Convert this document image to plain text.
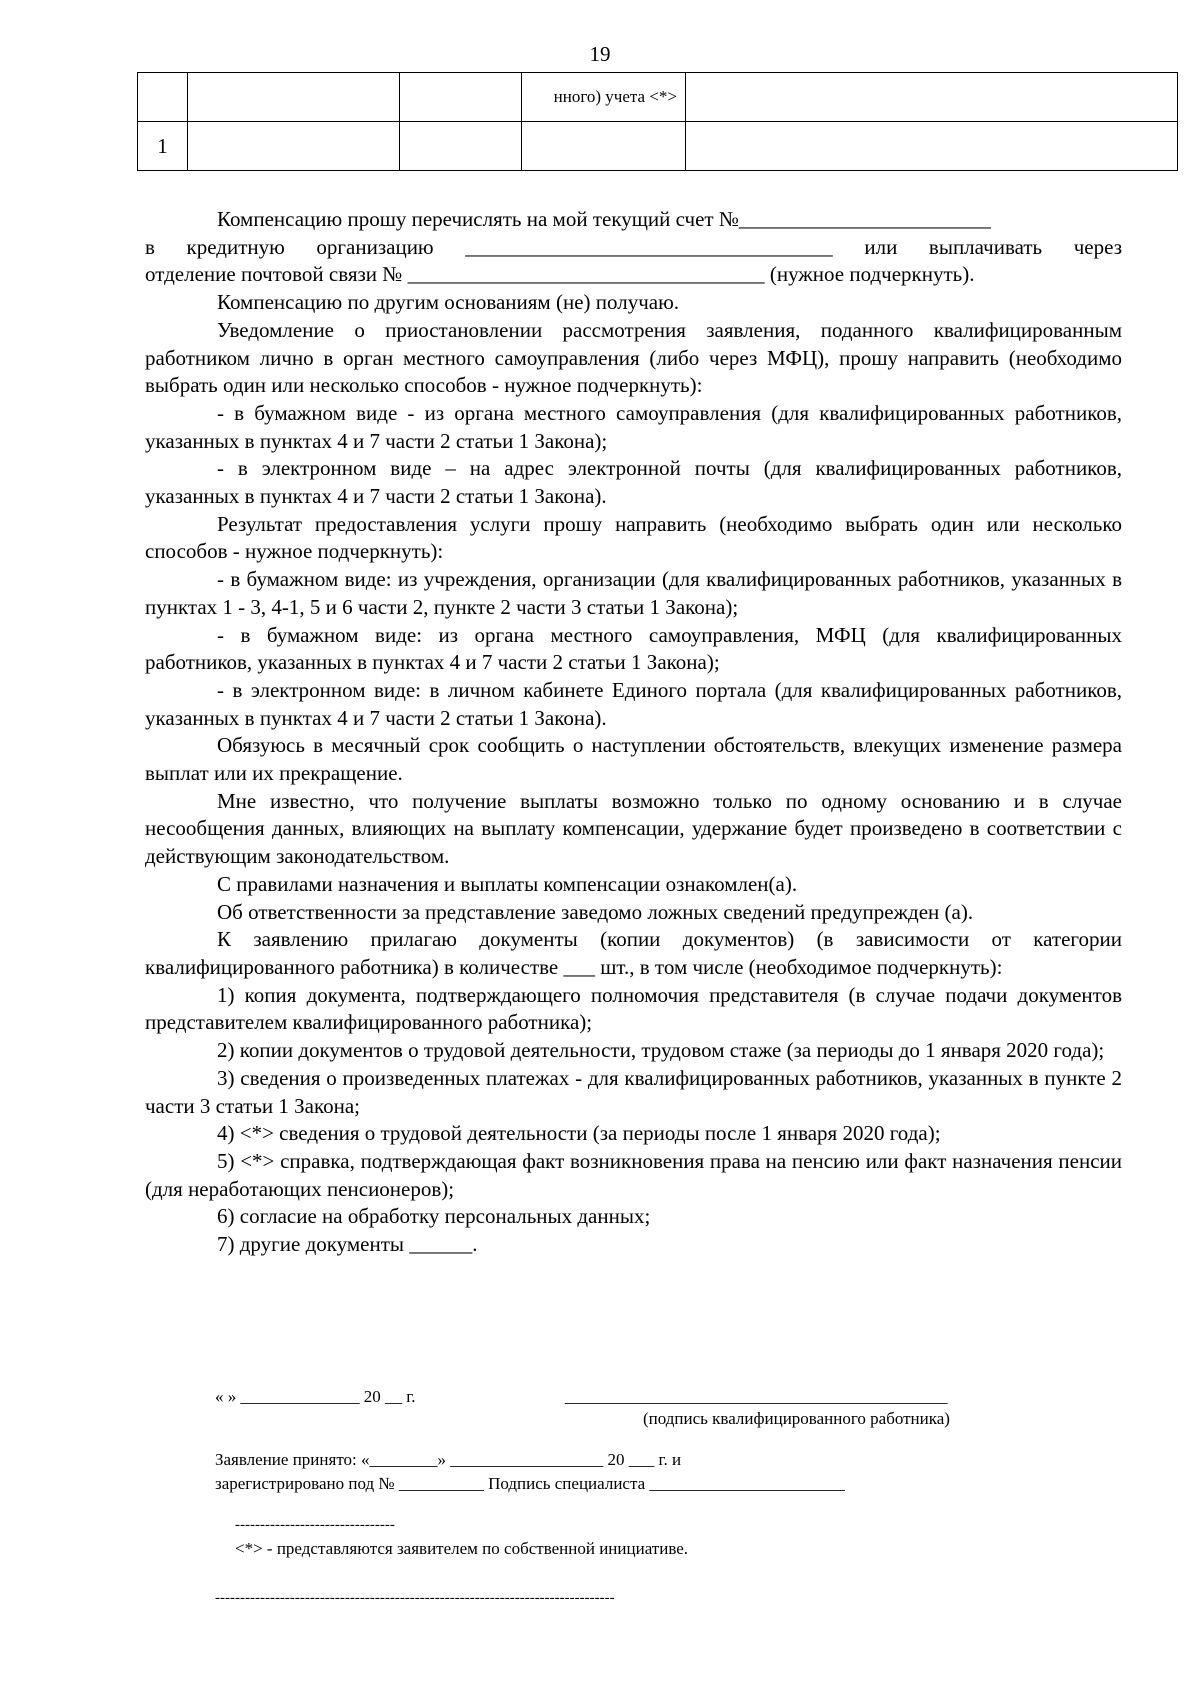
19
			нного) учета <*>	
1				

Компенсацию прошу перечислять на мой текущий счет №________________________

в кредитную организацию ___________________________________ или выплачивать через

отделение почтовой связи № __________________________________ (нужное подчеркнуть).

Компенсацию по другим основаниям (не) получаю.

Уведомление о приостановлении рассмотрения заявления, поданного квалифицированным работником лично в орган местного самоуправления (либо через МФЦ), прошу направить (необходимо выбрать один или несколько способов - нужное подчеркнуть):

- в бумажном виде - из органа местного самоуправления (для квалифицированных работников, указанных в пунктах 4 и 7 части 2 статьи 1 Закона);

- в электронном виде – на адрес электронной почты (для квалифицированных работников, указанных в пунктах 4 и 7 части 2 статьи 1 Закона).

Результат предоставления услуги прошу направить (необходимо выбрать один или несколько способов - нужное подчеркнуть):

- в бумажном виде: из учреждения, организации (для квалифицированных работников, указанных в пунктах 1 - 3, 4-1, 5 и 6 части 2, пункте 2 части 3 статьи 1 Закона);

- в бумажном виде: из органа местного самоуправления, МФЦ (для квалифицированных работников, указанных в пунктах 4 и 7 части 2 статьи 1 Закона);

- в электронном виде: в личном кабинете Единого портала (для квалифицированных работников, указанных в пунктах 4 и 7 части 2 статьи 1 Закона).

Обязуюсь в месячный срок сообщить о наступлении обстоятельств, влекущих изменение размера выплат или их прекращение.

Мне известно, что получение выплаты возможно только по одному основанию и в случае несообщения данных, влияющих на выплату компенсации, удержание будет произведено в соответствии с действующим законодательством.

С правилами назначения и выплаты компенсации ознакомлен(а).

Об ответственности за представление заведомо ложных сведений предупрежден (а).

К заявлению прилагаю документы (копии документов) (в зависимости от категории квалифицированного работника) в количестве ___ шт., в том числе (необходимое подчеркнуть):

1) копия документа, подтверждающего полномочия представителя (в случае подачи документов представителем квалифицированного работника);

2) копии документов о трудовой деятельности, трудовом стаже (за периоды до 1 января 2020 года);

3) сведения о произведенных платежах - для квалифицированных работников, указанных в пункте 2 части 3 статьи 1 Закона;

4) <*> сведения о трудовой деятельности (за периоды после 1 января 2020 года);

5) <*> справка, подтверждающая факт возникновения права на пенсию или факт назначения пенсии (для неработающих пенсионеров);

6) согласие на обработку персональных данных;

7) другие документы ______.

« » ______________ 20 __ г.	_____________________________________________
(подпись квалифицированного работника)
Заявление принято: «________» __________________ 20 ___ г. и
зарегистрировано под № __________ Подпись специалиста _______________________
--------------------------------
<*> - представляются заявителем по собственной инициативе.
--------------------------------------------------------------------------------
